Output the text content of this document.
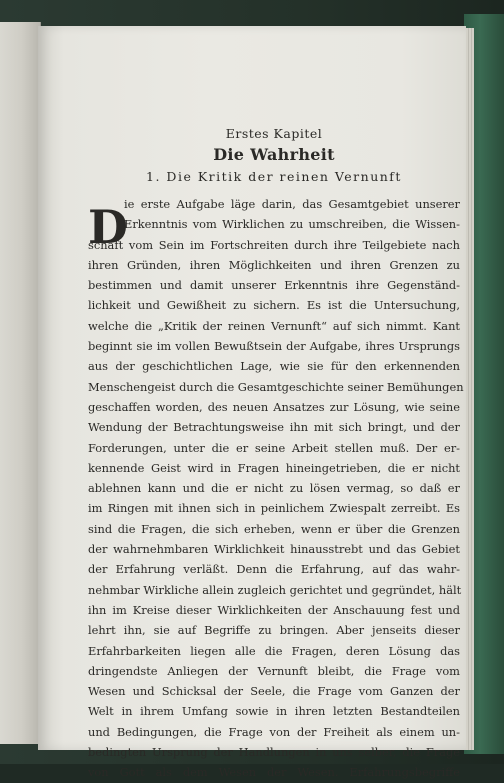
Erstes Kapitel
Die Wahrheit
1. Die Kritik der reinen Vernunft
D
ie erste Aufgabe läge darin, das Gesamtgebiet unserer
Erkenntnis vom Wirklichen zu umschreiben, die Wissen-
schaft vom Sein im Fortschreiten durch ihre Teilgebiete nach
ihren Gründen, ihren Möglichkeiten und ihren Grenzen zu
bestimmen und damit unserer Erkenntnis ihre Gegenständ-
lichkeit und Gewißheit zu sichern. Es ist die Untersuchung,
welche die „Kritik der reinen Vernunft“ auf sich nimmt. Kant
beginnt sie im vollen Bewußtsein der Aufgabe, ihres Ursprungs
aus der geschichtlichen Lage, wie sie für den erkennenden
Menschengeist durch die Gesamtgeschichte seiner Bemühungen
geschaffen worden, des neuen Ansatzes zur Lösung, wie seine
Wendung der Betrachtungsweise ihn mit sich bringt, und der
Forderungen, unter die er seine Arbeit stellen muß. Der er-
kennende Geist wird in Fragen hineingetrieben, die er nicht
ablehnen kann und die er nicht zu lösen vermag, so daß er
im Ringen mit ihnen sich in peinlichem Zwiespalt zerreibt. Es
sind die Fragen, die sich erheben, wenn er über die Grenzen
der wahrnehmbaren Wirklichkeit hinausstrebt und das Gebiet
der Erfahrung verläßt. Denn die Erfahrung, auf das wahr-
nehmbar Wirkliche allein zugleich gerichtet und gegründet, hält
ihn im Kreise dieser Wirklichkeiten der Anschauung fest und
lehrt ihn, sie auf Begriffe zu bringen. Aber jenseits dieser
Erfahrbarkeiten liegen alle die Fragen, deren Lösung das
dringendste Anliegen der Vernunft bleibt, die Frage vom
Wesen und Schicksal der Seele, die Frage vom Ganzen der
Welt in ihrem Umfang sowie in ihren letzten Bestandteilen
und Bedingungen, die Frage von der Freiheit als einem un-
bedingten Ursprung der Handlungen in uns selber, die Frage
von Gott als dem Wesen der Wesen. Erfahrungsbegriffe
